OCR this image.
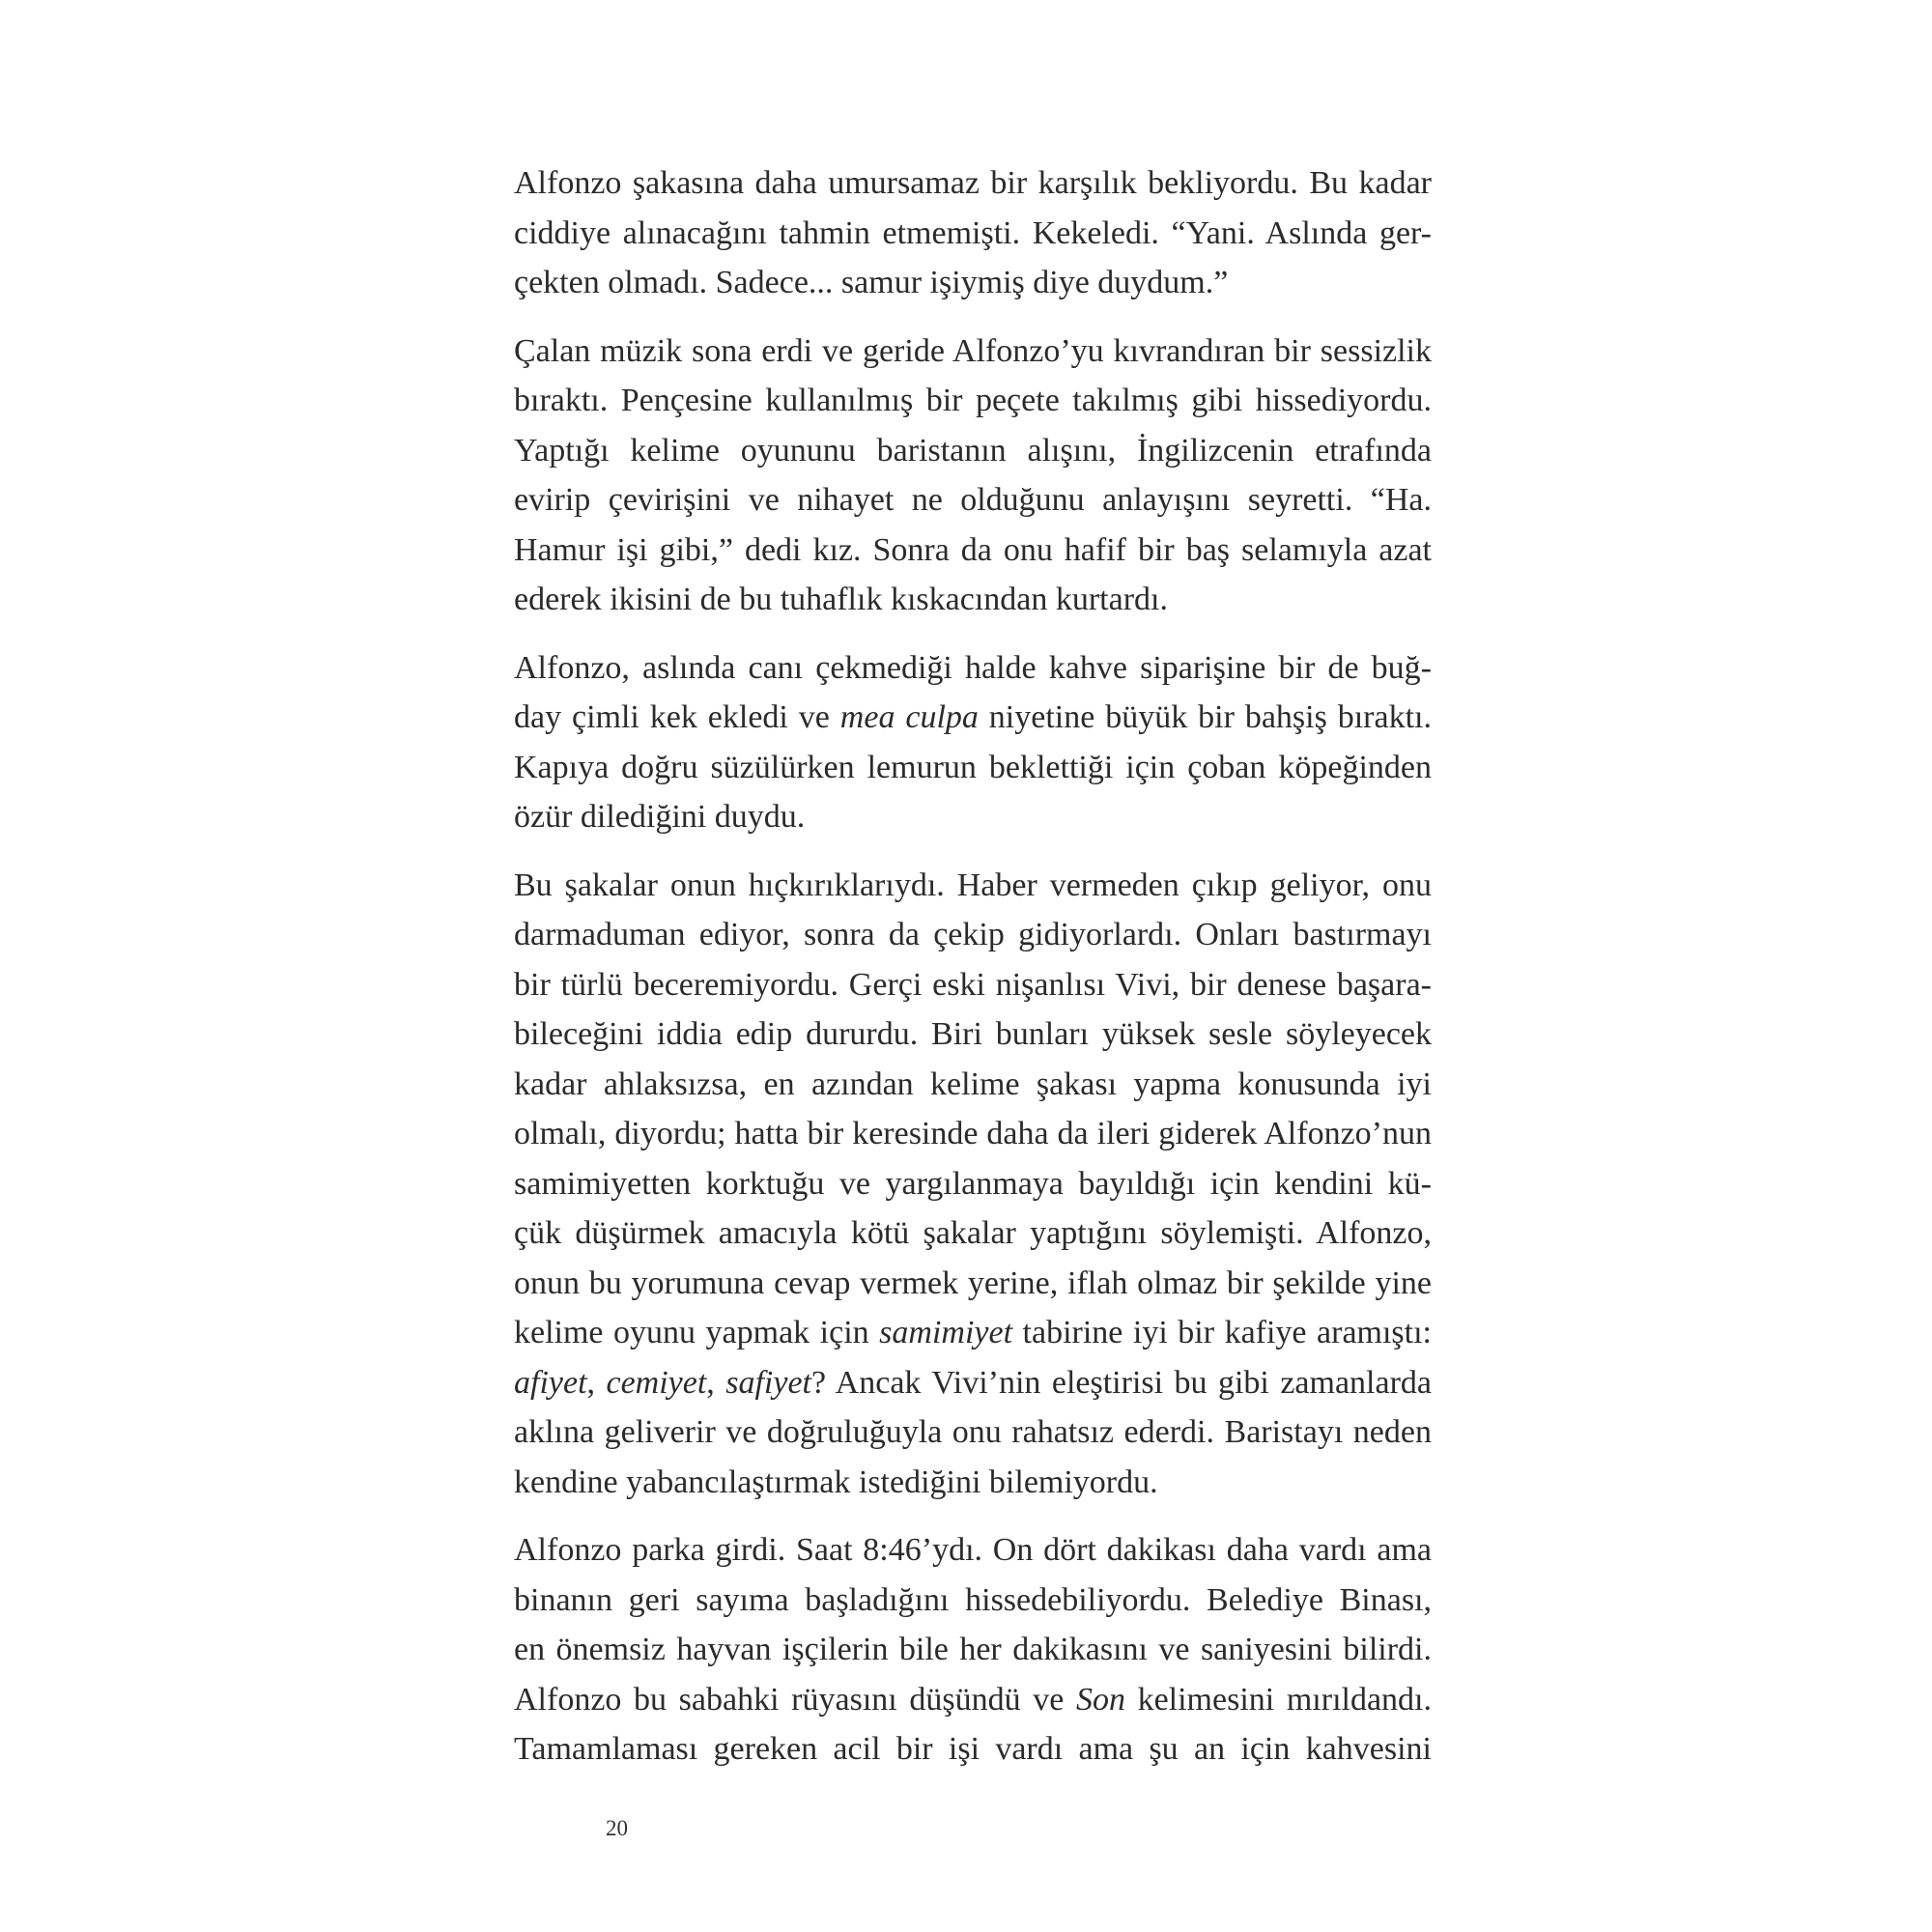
Alfonzo şakasına daha umursamaz bir karşılık bekliyordu. Bu kadar
ciddiye alınacağını tahmin etmemişti. Kekeledi. “Yani. Aslında ger-
çekten olmadı. Sadece... samur işiymiş diye duydum.”
Çalan müzik sona erdi ve geride Alfonzo’yu kıvrandıran bir sessizlik
bıraktı. Pençesine kullanılmış bir peçete takılmış gibi hissediyordu.
Yaptığı kelime oyununu baristanın alışını, İngilizcenin etrafında
evirip çevirişini ve nihayet ne olduğunu anlayışını seyretti. “Ha.
Hamur işi gibi,” dedi kız. Sonra da onu hafif bir baş selamıyla azat
ederek ikisini de bu tuhaflık kıskacından kurtardı.
Alfonzo, aslında canı çekmediği halde kahve siparişine bir de buğ-
day çimli kek ekledi ve mea culpa niyetine büyük bir bahşiş bıraktı.
Kapıya doğru süzülürken lemurun beklettiği için çoban köpeğinden
özür dilediğini duydu.
Bu şakalar onun hıçkırıklarıydı. Haber vermeden çıkıp geliyor, onu
darmaduman ediyor, sonra da çekip gidiyorlardı. Onları bastırmayı
bir türlü beceremiyordu. Gerçi eski nişanlısı Vivi, bir denese başara-
bileceğini iddia edip dururdu. Biri bunları yüksek sesle söyleyecek
kadar ahlaksızsa, en azından kelime şakası yapma konusunda iyi
olmalı, diyordu; hatta bir keresinde daha da ileri giderek Alfonzo’nun
samimiyetten korktuğu ve yargılanmaya bayıldığı için kendini kü-
çük düşürmek amacıyla kötü şakalar yaptığını söylemişti. Alfonzo,
onun bu yorumuna cevap vermek yerine, iflah olmaz bir şekilde yine
kelime oyunu yapmak için samimiyet tabirine iyi bir kafiye aramıştı:
afiyet, cemiyet, safiyet? Ancak Vivi’nin eleştirisi bu gibi zamanlarda
aklına geliverir ve doğruluğuyla onu rahatsız ederdi. Baristayı neden
kendine yabancılaştırmak istediğini bilemiyordu.
Alfonzo parka girdi. Saat 8:46’ydı. On dört dakikası daha vardı ama
binanın geri sayıma başladığını hissedebiliyordu. Belediye Binası,
en önemsiz hayvan işçilerin bile her dakikasını ve saniyesini bilirdi.
Alfonzo bu sabahki rüyasını düşündü ve Son kelimesini mırıldandı.
Tamamlaması gereken acil bir işi vardı ama şu an için kahvesini
20
